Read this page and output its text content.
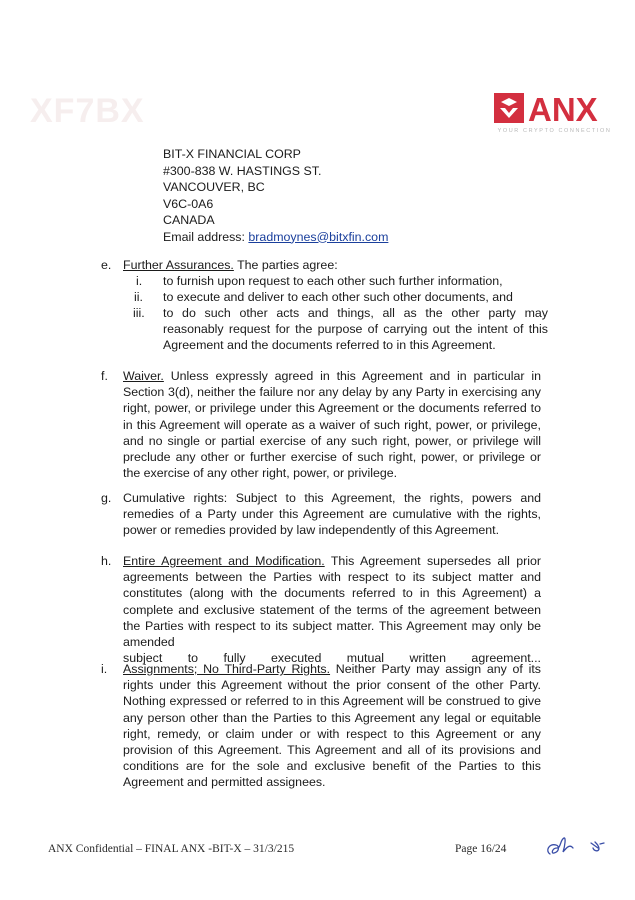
XF7BX	ANX
YOUR CRYPTO CONNECTION
BIT-X FINANCIAL CORP
#300-838 W. HASTINGS ST.
VANCOUVER, BC
V6C-0A6
CANADA
Email address: bradmoynes@bitxfin.com
e. Further Assurances. The parties agree:
i.	to furnish upon request to each other such further information,
ii.	to execute and deliver to each other such other documents, and
iii.	to do such other acts and things, all as the other party may reasonably request for the purpose of carrying out the intent of this Agreement and the documents referred to in this Agreement.
f.	Waiver. Unless expressly agreed in this Agreement and in particular in Section 3(d), neither the failure nor any delay by any Party in exercising any right, power, or privilege under this Agreement or the documents referred to in this Agreement will operate as a waiver of such right, power, or privilege, and no single or partial exercise of any such right, power, or privilege will preclude any other or further exercise of such right, power, or privilege or the exercise of any other right, power, or privilege.
g. Cumulative rights: Subject to this Agreement, the rights, powers and remedies of a Party under this Agreement are cumulative with the rights, power or remedies provided by law independently of this Agreement.
h. Entire Agreement and Modification. This Agreement supersedes all prior agreements between the Parties with respect to its subject matter and constitutes (along with the documents referred to in this Agreement) a complete and exclusive statement of the terms of the agreement between the Parties with respect to its subject matter. This Agreement may only be amended
subject to fully executed mutual written agreement...
i.	Assignments; No Third-Party Rights. Neither Party may assign any of its rights under this Agreement without the prior consent of the other Party. Nothing expressed or referred to in this Agreement will be construed to give any person other than the Parties to this Agreement any legal or equitable right, remedy, or claim under or with respect to this Agreement or any provision of this Agreement. This Agreement and all of its provisions and conditions are for the sole and exclusive benefit of the Parties to this Agreement and permitted assignees.
ANX Confidential – FINAL ANX -BIT-X – 31/3/215	Page 16/24
